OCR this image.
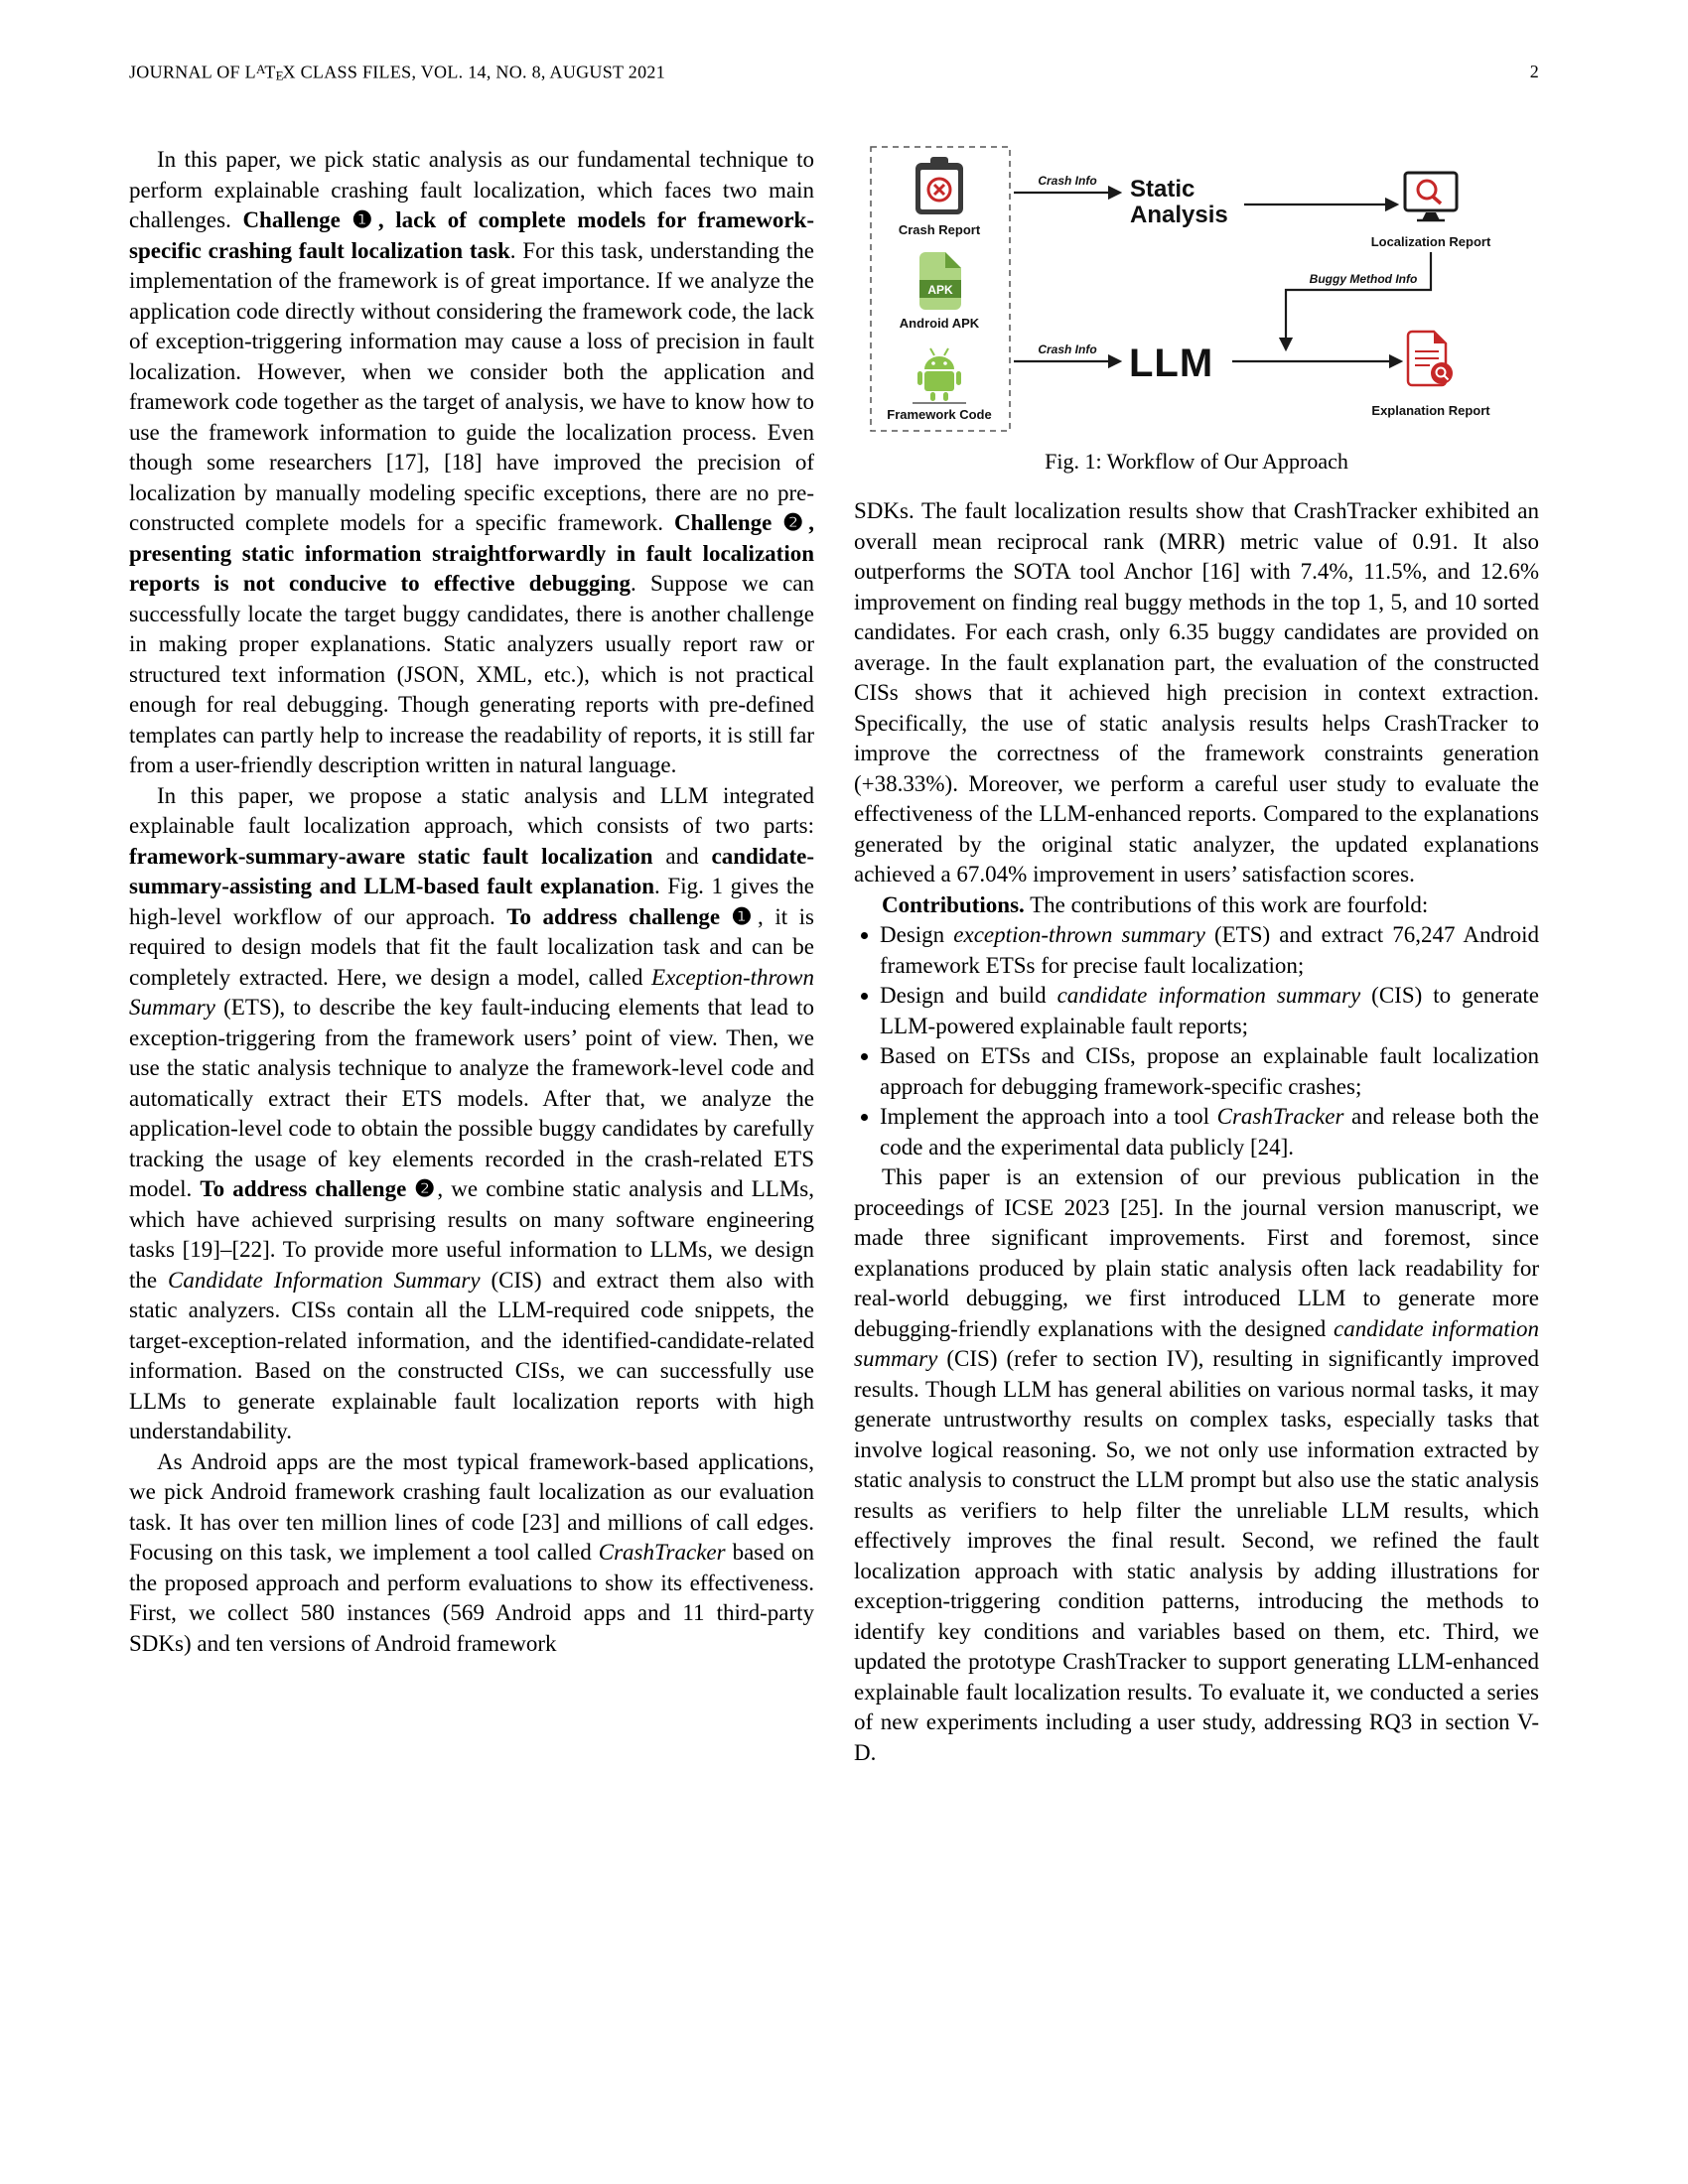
JOURNAL OF $L^ATEX$ CLASS FILES, VOL. 14, NO. 8, AUGUST 2021	2

In this paper, we pick static analysis as our fundamental technique to perform explainable crashing fault localization, which faces two main challenges. Challenge ❶, lack of complete models for framework-specific crashing fault localization task. For this task, understanding the implementation of the framework is of great importance. If we analyze the application code directly without considering the framework code, the lack of exception-triggering information may cause a loss of precision in fault localization. However, when we consider both the application and framework code together as the target of analysis, we have to know how to use the framework information to guide the localization process. Even though some researchers [17], [18] have improved the precision of localization by manually modeling specific exceptions, there are no pre-constructed complete models for a specific framework. Challenge ❷, presenting static information straightforwardly in fault localization reports is not conducive to effective debugging. Suppose we can successfully locate the target buggy candidates, there is another challenge in making proper explanations. Static analyzers usually report raw or structured text information (JSON, XML, etc.), which is not practical enough for real debugging. Though generating reports with pre-defined templates can partly help to increase the readability of reports, it is still far from a user-friendly description written in natural language.

In this paper, we propose a static analysis and LLM integrated explainable fault localization approach, which consists of two parts: framework-summary-aware static fault localization and candidate-summary-assisting and LLM-based fault explanation. Fig. 1 gives the high-level workflow of our approach. To address challenge ❶, it is required to design models that fit the fault localization task and can be completely extracted. Here, we design a model, called Exception-thrown Summary (ETS), to describe the key fault-inducing elements that lead to exception-triggering from the framework users’ point of view. Then, we use the static analysis technique to analyze the framework-level code and automatically extract their ETS models. After that, we analyze the application-level code to obtain the possible buggy candidates by carefully tracking the usage of key elements recorded in the crash-related ETS model. To address challenge ❷, we combine static analysis and LLMs, which have achieved surprising results on many software engineering tasks [19]–[22]. To provide more useful information to LLMs, we design the Candidate Information Summary (CIS) and extract them also with static analyzers. CISs contain all the LLM-required code snippets, the target-exception-related information, and the identified-candidate-related information. Based on the constructed CISs, we can successfully use LLMs to generate explainable fault localization reports with high understandability.

As Android apps are the most typical framework-based applications, we pick Android framework crashing fault localization as our evaluation task. It has over ten million lines of code [23] and millions of call edges. Focusing on this task, we implement a tool called CrashTracker based on the proposed approach and perform evaluations to show its effectiveness. First, we collect 580 instances (569 Android apps and 11 third-party SDKs) and ten versions of Android framework

Crash Report
APK
Android APK
Framework Code
Crash Info Static
Analysis
Localization Report
Buggy Method Info
Crash Info LLM
Explanation Report
Fig. 1: Workflow of Our Approach

SDKs. The fault localization results show that CrashTracker exhibited an overall mean reciprocal rank (MRR) metric value of 0.91. It also outperforms the SOTA tool Anchor [16] with 7.4%, 11.5%, and 12.6% improvement on finding real buggy methods in the top 1, 5, and 10 sorted candidates. For each crash, only 6.35 buggy candidates are provided on average. In the fault explanation part, the evaluation of the constructed CISs shows that it achieved high precision in context extraction. Specifically, the use of static analysis results helps CrashTracker to improve the correctness of the framework constraints generation (+38.33%). Moreover, we perform a careful user study to evaluate the effectiveness of the LLM-enhanced reports. Compared to the explanations generated by the original static analyzer, the updated explanations achieved a 67.04% improvement in users’ satisfaction scores.

Contributions. The contributions of this work are fourfold:

Design exception-thrown summary (ETS) and extract 76,247 Android framework ETSs for precise fault localization;
Design and build candidate information summary (CIS) to generate LLM-powered explainable fault reports;
Based on ETSs and CISs, propose an explainable fault localization approach for debugging framework-specific crashes;
Implement the approach into a tool CrashTracker and release both the code and the experimental data publicly [24].

This paper is an extension of our previous publication in the proceedings of ICSE 2023 [25]. In the journal version manuscript, we made three significant improvements. First and foremost, since explanations produced by plain static analysis often lack readability for real-world debugging, we first introduced LLM to generate more debugging-friendly explanations with the designed candidate information summary (CIS) (refer to section IV), resulting in significantly improved results. Though LLM has general abilities on various normal tasks, it may generate untrustworthy results on complex tasks, especially tasks that involve logical reasoning. So, we not only use information extracted by static analysis to construct the LLM prompt but also use the static analysis results as verifiers to help filter the unreliable LLM results, which effectively improves the final result. Second, we refined the fault localization approach with static analysis by adding illustrations for exception-triggering condition patterns, introducing the methods to identify key conditions and variables based on them, etc. Third, we updated the prototype CrashTracker to support generating LLM-enhanced explainable fault localization results. To evaluate it, we conducted a series of new experiments including a user study, addressing RQ3 in section V-D.
